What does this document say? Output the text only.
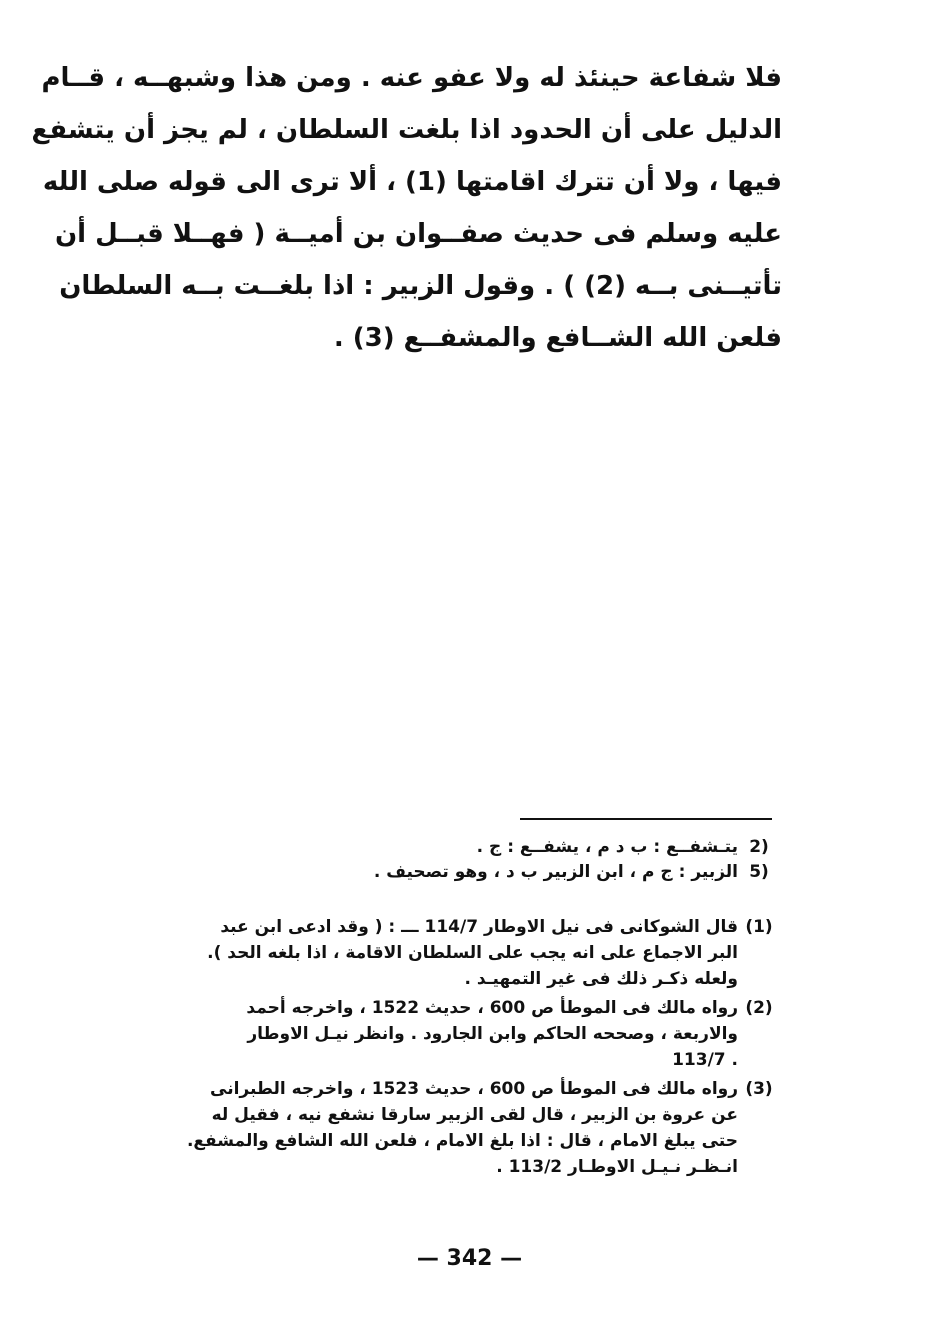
فلا شفاعة حينئذ له ولا عفو عنه . ومن هذا وشبهــه ، قــام
الدليل على أن الحدود اذا بلغت السلطان ، لم يجز أن يتشفع
فيها ، ولا أن تترك اقامتها (1) ، ألا ترى الى قوله صلى الله
عليه وسلم فى حديث صفــوان بن أميــة ( فهــلا قبــل أن
تأتيــنى بــه (2) ) . وقول الزبير : اذا بلغــت بــه السلطان
فلعن الله الشــافع والمشفــع (3) .
2)
يتـشفــع : ب د م ، يشفــع : ج .
5)
الزبير : ج م ، ابن الزبير ب د ، وهو تصحيف .
(1)
قال الشوكانى فى نيل الاوطار 114/7 ـــ : ( وقد ادعى ابن عبد
البر الاجماع على انه يجب على السلطان الاقامة ، اذا بلغه الحد ).
ولعله ذكـر ذلك فى غير التمهيـد .
(2)
رواه مالك فى الموطأ ص 600 ، حديث 1522 ، واخرجه أحمد
والاربعة ، وصححه الحاكم وابن الجارود . وانظر نيـل الاوطار
. 113/7
(3)
رواه مالك فى الموطأ ص 600 ، حديث 1523 ، واخرجه الطبرانى
عن عروة بن الزبير ، قال لقى الزبير سارقا نشفع نيه ، فقيل له
حتى يبلغ الامام ، قال : اذا بلغ الامام ، فلعن الله الشافع والمشفع.
انـظـر نـيـل الاوطـار 113/2 .
— 342 —
